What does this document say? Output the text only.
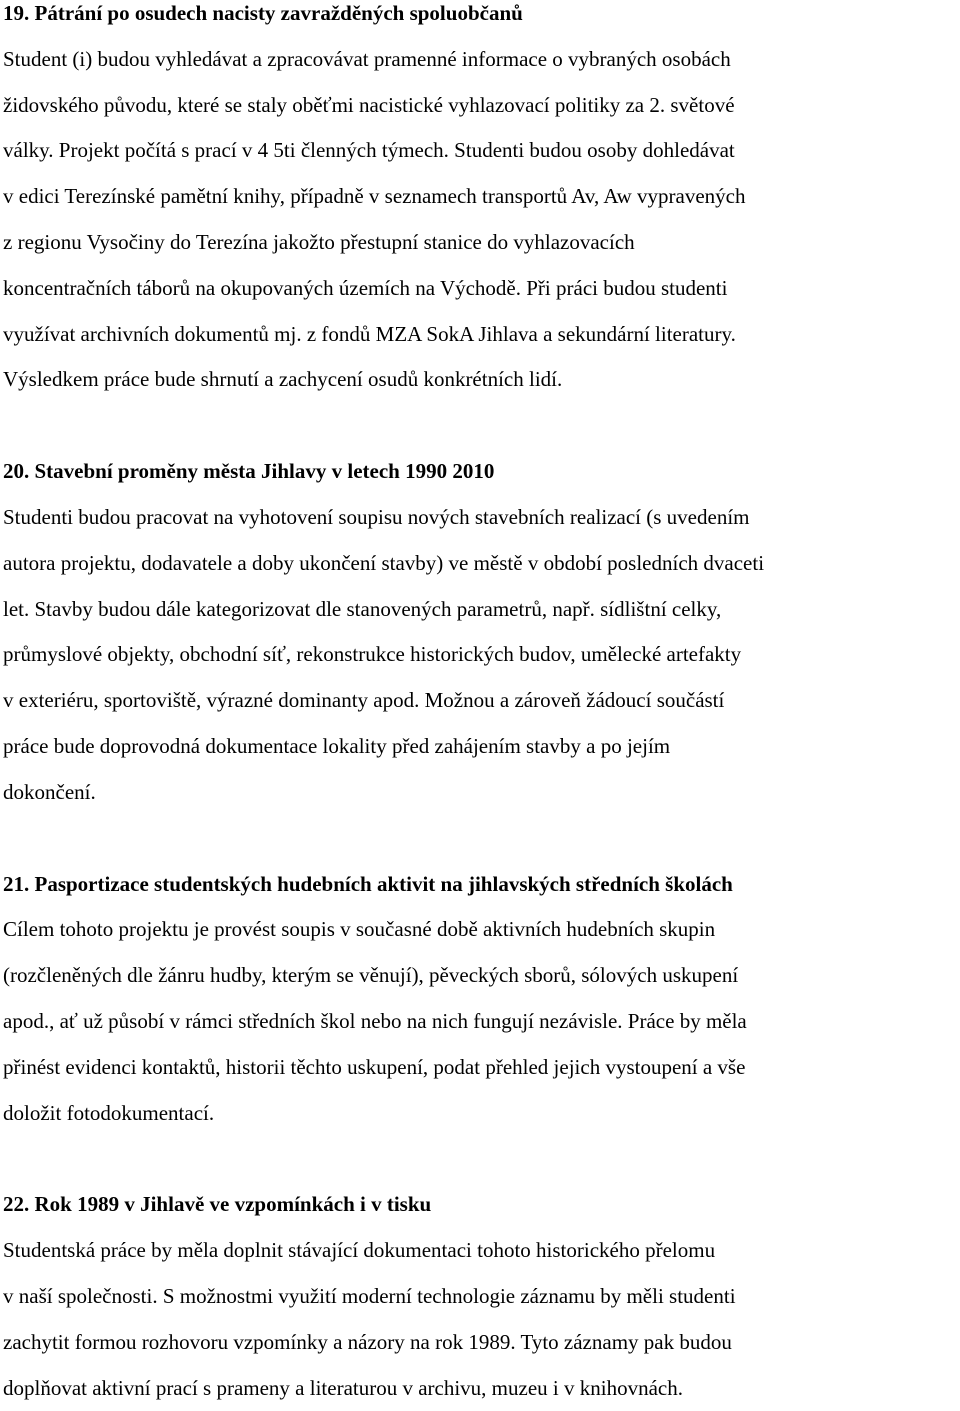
19. Pátrání po osudech nacisty zavražděných spoluobčanů
Student (i) budou vyhledávat a zpracovávat pramenné informace o vybraných osobách
židovského původu, které se staly oběťmi nacistické vyhlazovací politiky za 2. světové
války. Projekt počítá s prací v 4 5ti členných týmech. Studenti budou osoby dohledávat
v edici Terezínské pamětní knihy, případně v seznamech transportů Av, Aw vypravených
z regionu Vysočiny do Terezína jakožto přestupní stanice do vyhlazovacích
koncentračních táborů na okupovaných územích na Východě. Při práci budou studenti
využívat archivních dokumentů mj. z fondů MZA SokA Jihlava a sekundární literatury.
Výsledkem práce bude shrnutí a zachycení osudů konkrétních lidí.
20. Stavební proměny města Jihlavy v letech 1990 2010
Studenti budou pracovat na vyhotovení soupisu nových stavebních realizací (s uvedením
autora projektu, dodavatele a doby ukončení stavby) ve městě v období posledních dvaceti
let. Stavby budou dále kategorizovat dle stanovených parametrů, např. sídlištní celky,
průmyslové objekty, obchodní síť, rekonstrukce historických budov, umělecké artefakty
v exteriéru, sportoviště, výrazné dominanty apod. Možnou a zároveň žádoucí součástí
práce bude doprovodná dokumentace lokality před zahájením stavby a po jejím
dokončení.
21. Pasportizace studentských hudebních aktivit na jihlavských středních školách
Cílem tohoto projektu je provést soupis v současné době aktivních hudebních skupin
(rozčleněných dle žánru hudby, kterým se věnují), pěveckých sborů, sólových uskupení
apod., ať už působí v rámci středních škol nebo na nich fungují nezávisle. Práce by měla
přinést evidenci kontaktů, historii těchto uskupení, podat přehled jejich vystoupení a vše
doložit fotodokumentací.
22. Rok 1989 v Jihlavě ve vzpomínkách i v tisku
Studentská práce by měla doplnit stávající dokumentaci tohoto historického přelomu
v naší společnosti. S možnostmi využití moderní technologie záznamu by měli studenti
zachytit formou rozhovoru vzpomínky a názory na rok 1989. Tyto záznamy pak budou
doplňovat aktivní prací s prameny a literaturou v archivu, muzeu i v knihovnách.
